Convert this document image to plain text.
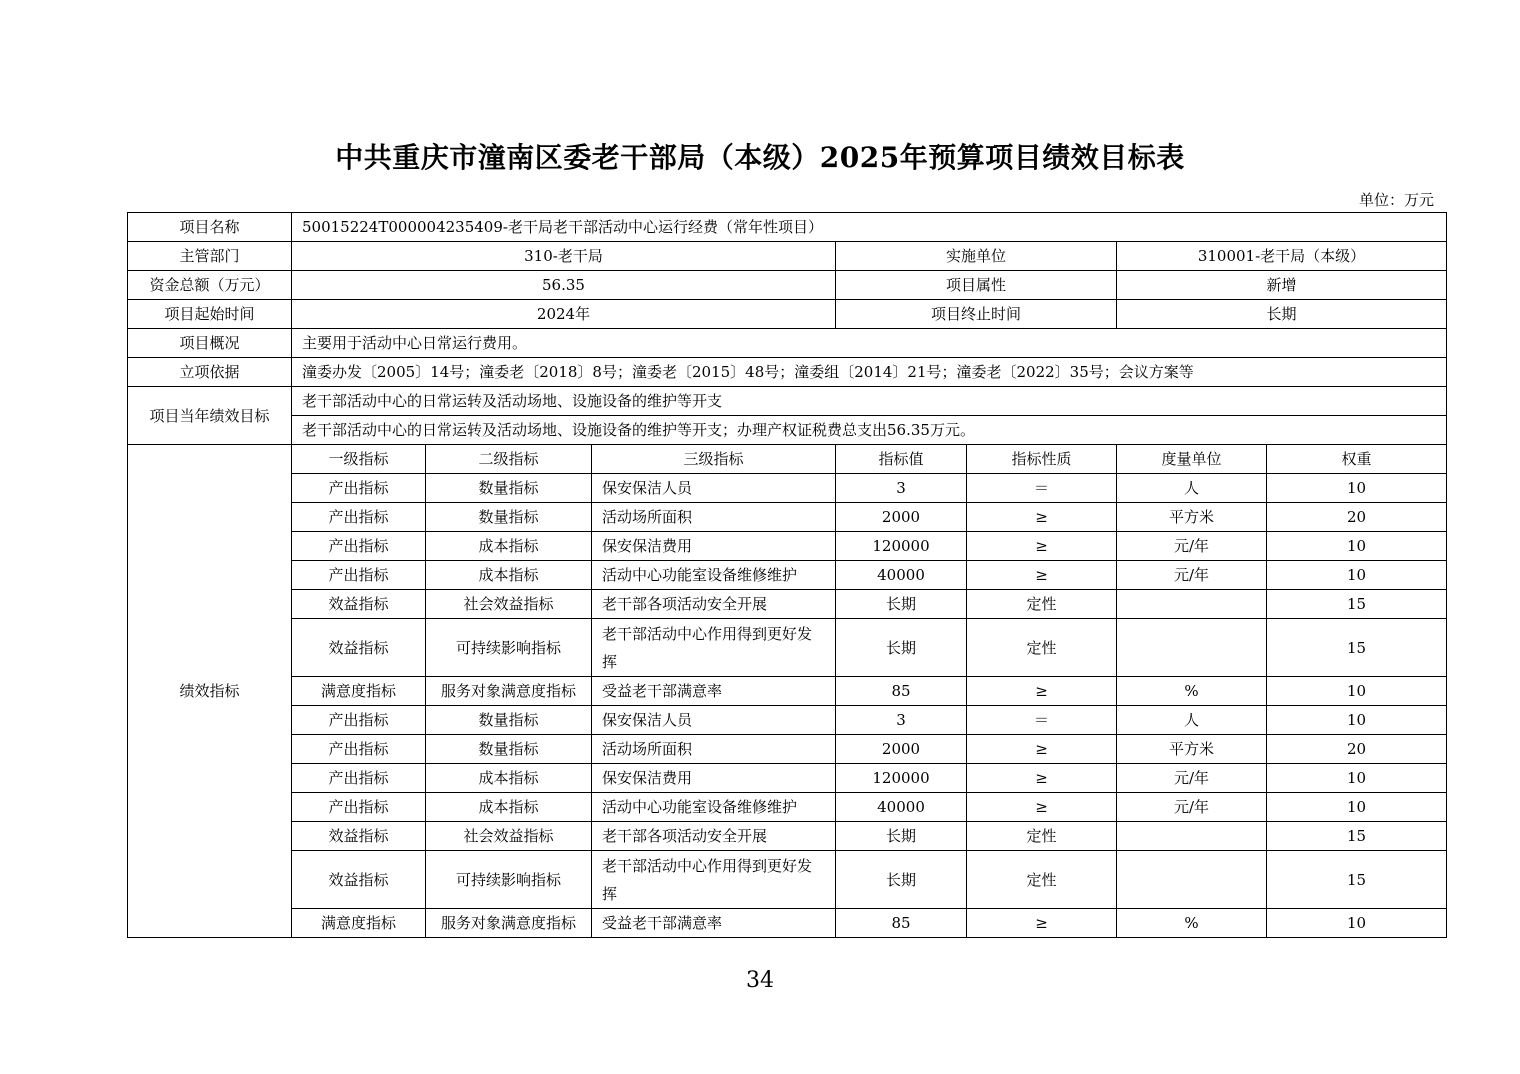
中共重庆市潼南区委老干部局（本级）2025年预算项目绩效目标表
单位：万元
项目名称	50015224T000004235409-老干局老干部活动中心运行经费（常年性项目）						
主管部门	310-老干局			实施单位		310001-老干局（本级）	
资金总额（万元）	56.35			项目属性		新增	
项目起始时间	2024年			项目终止时间		长期	
项目概况	主要用于活动中心日常运行费用。						
立项依据	潼委办发〔2005〕14号；潼委老〔2018〕8号；潼委老〔2015〕48号；潼委组〔2014〕21号；潼委老〔2022〕35号；会议方案等						
项目当年绩效目标	老干部活动中心的日常运转及活动场地、设施设备的维护等开支						
	老干部活动中心的日常运转及活动场地、设施设备的维护等开支；办理产权证税费总支出56.35万元。						
绩效指标	一级指标	二级指标	三级指标	指标值	指标性质	度量单位	权重
	产出指标	数量指标	保安保洁人员	3	＝	人	10
	产出指标	数量指标	活动场所面积	2000	≥	平方米	20
	产出指标	成本指标	保安保洁费用	120000	≥	元/年	10
	产出指标	成本指标	活动中心功能室设备维修维护	40000	≥	元/年	10
	效益指标	社会效益指标	老干部各项活动安全开展	长期	定性		15
	效益指标	可持续影响指标	老干部活动中心作用得到更好发挥	长期	定性		15
	满意度指标	服务对象满意度指标	受益老干部满意率	85	≥	%	10
	产出指标	数量指标	保安保洁人员	3	＝	人	10
	产出指标	数量指标	活动场所面积	2000	≥	平方米	20
	产出指标	成本指标	保安保洁费用	120000	≥	元/年	10
	产出指标	成本指标	活动中心功能室设备维修维护	40000	≥	元/年	10
	效益指标	社会效益指标	老干部各项活动安全开展	长期	定性		15
	效益指标	可持续影响指标	老干部活动中心作用得到更好发挥	长期	定性		15
	满意度指标	服务对象满意度指标	受益老干部满意率	85	≥	%	10
34
